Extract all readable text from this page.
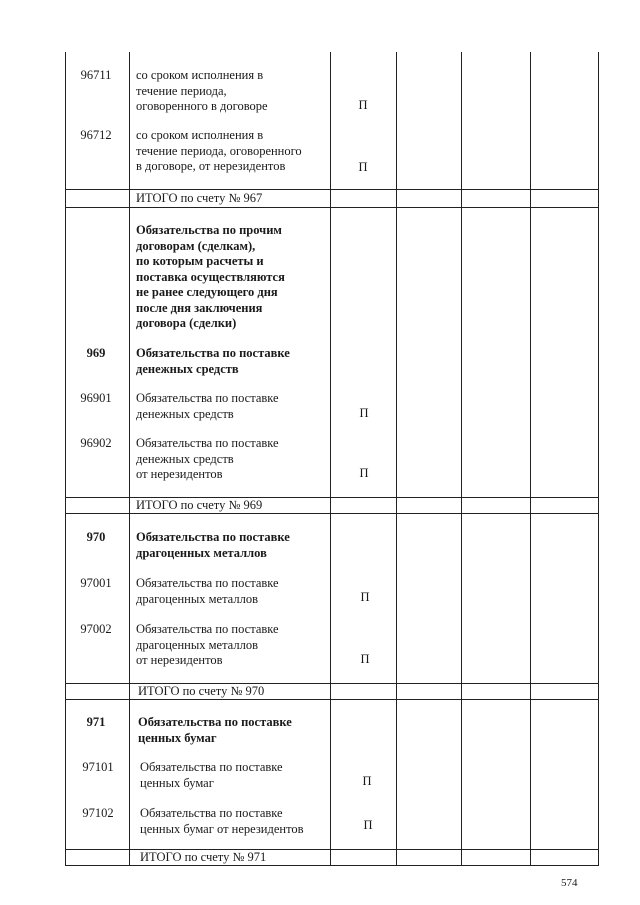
96711	со сроком исполнения в
течение периода,
оговоренного в договоре	П
96712	со сроком исполнения в
течение периода, оговоренного
в договоре, от нерезидентов	П
ИТОГО по счету № 967
Обязательства по прочим
договорам (сделкам),
по которым расчеты и
поставка осуществляются
не ранее следующего дня
после дня заключения
договора (сделки)
969	Обязательства по поставке
денежных средств
96901	Обязательства по поставке
денежных средств	П
96902	Обязательства по поставке
денежных средств
от нерезидентов	П
ИТОГО по счету № 969
970	Обязательства по поставке
драгоценных металлов
97001	Обязательства по поставке
драгоценных металлов	П
97002	Обязательства по поставке
драгоценных металлов
от нерезидентов	П
ИТОГО по счету № 970
971	Обязательства по поставке
ценных бумаг
97101	Обязательства по поставке
ценных бумаг	П
97102	Обязательства по поставке
ценных бумаг от нерезидентов	П
ИТОГО по счету № 971
574
